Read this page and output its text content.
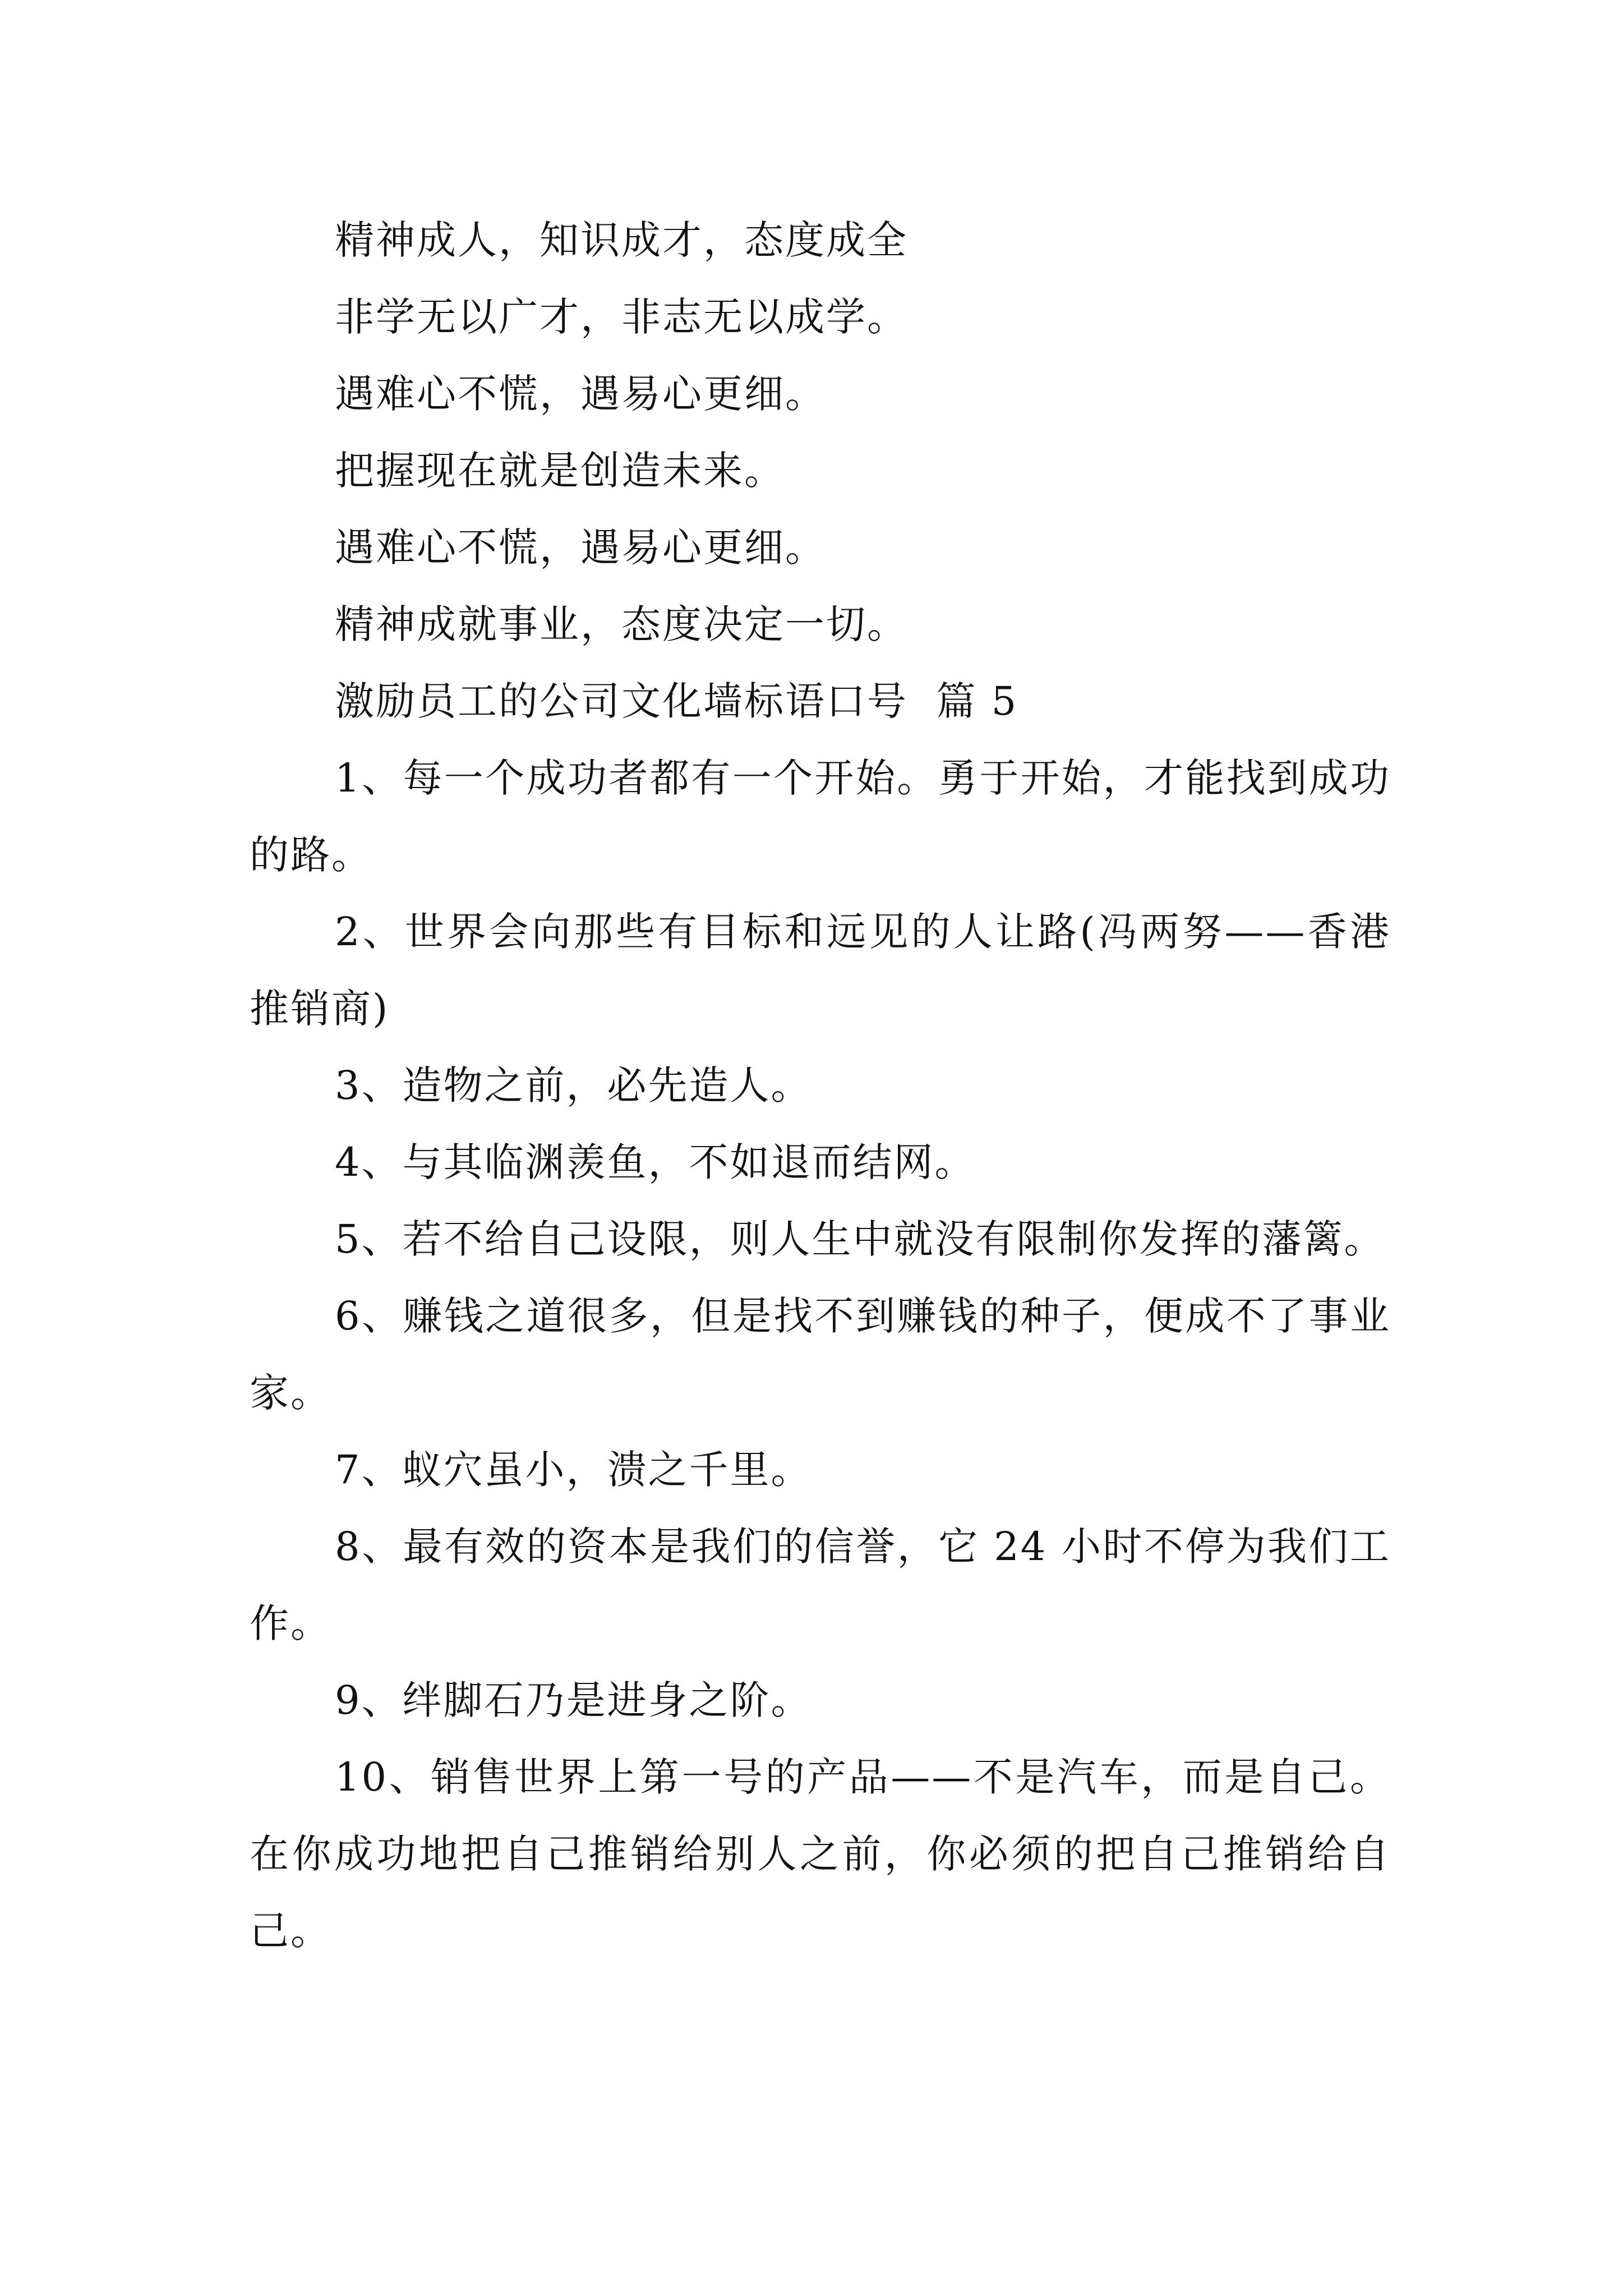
精神成人，知识成才，态度成全
非学无以广才，非志无以成学。
遇难心不慌，遇易心更细。
把握现在就是创造未来。
遇难心不慌，遇易心更细。
精神成就事业，态度决定一切。
激励员工的公司文化墙标语口号  篇 5
1、每一个成功者都有一个开始。勇于开始，才能找到成功的路。
2、世界会向那些有目标和远见的人让路(冯两努——香港推销商)
3、造物之前，必先造人。
4、与其临渊羡鱼，不如退而结网。
5、若不给自己设限，则人生中就没有限制你发挥的藩篱。
6、赚钱之道很多，但是找不到赚钱的种子，便成不了事业家。
7、蚁穴虽小，溃之千里。
8、最有效的资本是我们的信誉，它 24 小时不停为我们工作。
9、绊脚石乃是进身之阶。
10、销售世界上第一号的产品——不是汽车，而是自己。在你成功地把自己推销给别人之前，你必须的把自己推销给自己。
